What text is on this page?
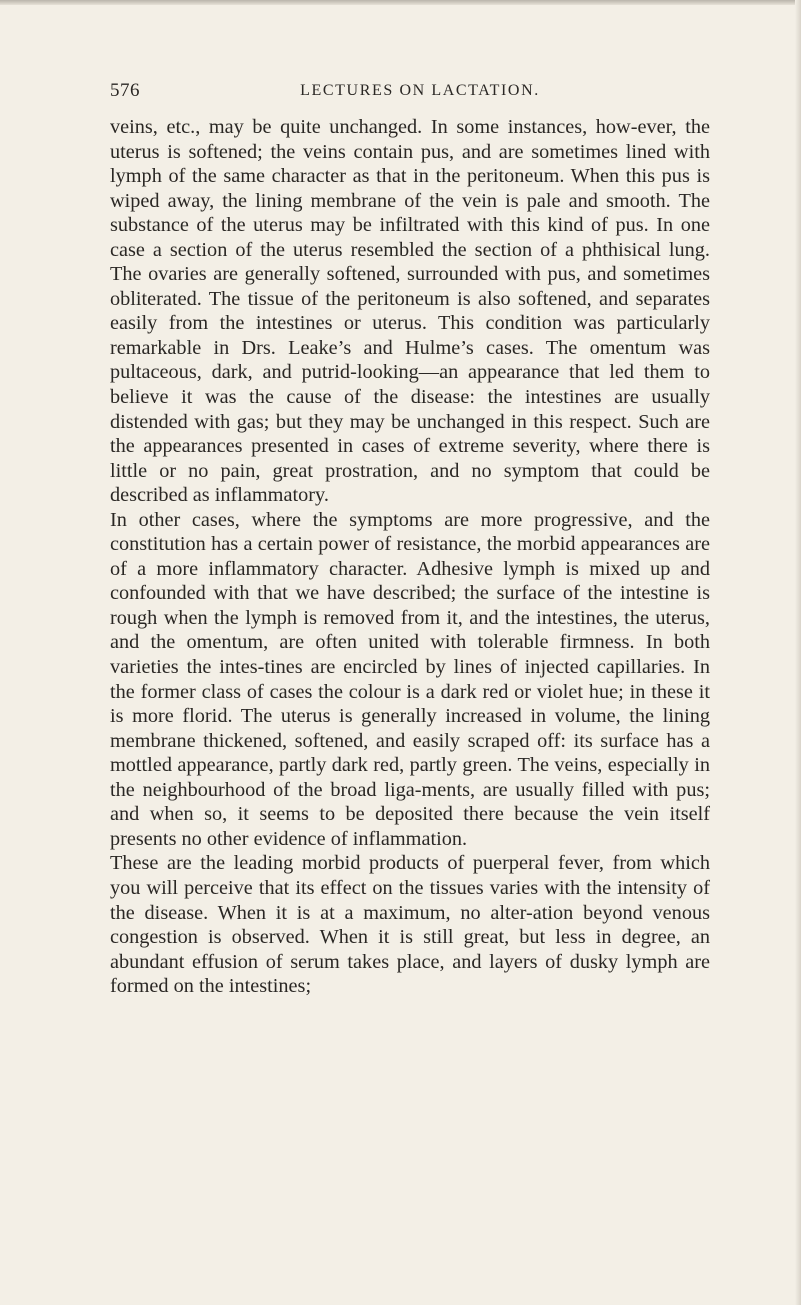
576	LECTURES ON LACTATION.

veins, etc., may be quite unchanged. In some instances, how-ever, the uterus is softened; the veins contain pus, and are sometimes lined with lymph of the same character as that in the peritoneum. When this pus is wiped away, the lining membrane of the vein is pale and smooth. The substance of the uterus may be infiltrated with this kind of pus. In one case a section of the uterus resembled the section of a phthisical lung. The ovaries are generally softened, surrounded with pus, and sometimes obliterated. The tissue of the peritoneum is also softened, and separates easily from the intestines or uterus. This condition was particularly remarkable in Drs. Leake’s and Hulme’s cases. The omentum was pultaceous, dark, and putrid-looking—an appearance that led them to believe it was the cause of the disease: the intestines are usually distended with gas; but they may be unchanged in this respect. Such are the appearances presented in cases of extreme severity, where there is little or no pain, great prostration, and no symptom that could be described as inflammatory.

In other cases, where the symptoms are more progressive, and the constitution has a certain power of resistance, the morbid appearances are of a more inflammatory character. Adhesive lymph is mixed up and confounded with that we have described; the surface of the intestine is rough when the lymph is removed from it, and the intestines, the uterus, and the omentum, are often united with tolerable firmness. In both varieties the intes-tines are encircled by lines of injected capillaries. In the former class of cases the colour is a dark red or violet hue; in these it is more florid. The uterus is generally increased in volume, the lining membrane thickened, softened, and easily scraped off: its surface has a mottled appearance, partly dark red, partly green. The veins, especially in the neighbourhood of the broad liga-ments, are usually filled with pus; and when so, it seems to be deposited there because the vein itself presents no other evidence of inflammation.

These are the leading morbid products of puerperal fever, from which you will perceive that its effect on the tissues varies with the intensity of the disease. When it is at a maximum, no alter-ation beyond venous congestion is observed. When it is still great, but less in degree, an abundant effusion of serum takes place, and layers of dusky lymph are formed on the intestines;
